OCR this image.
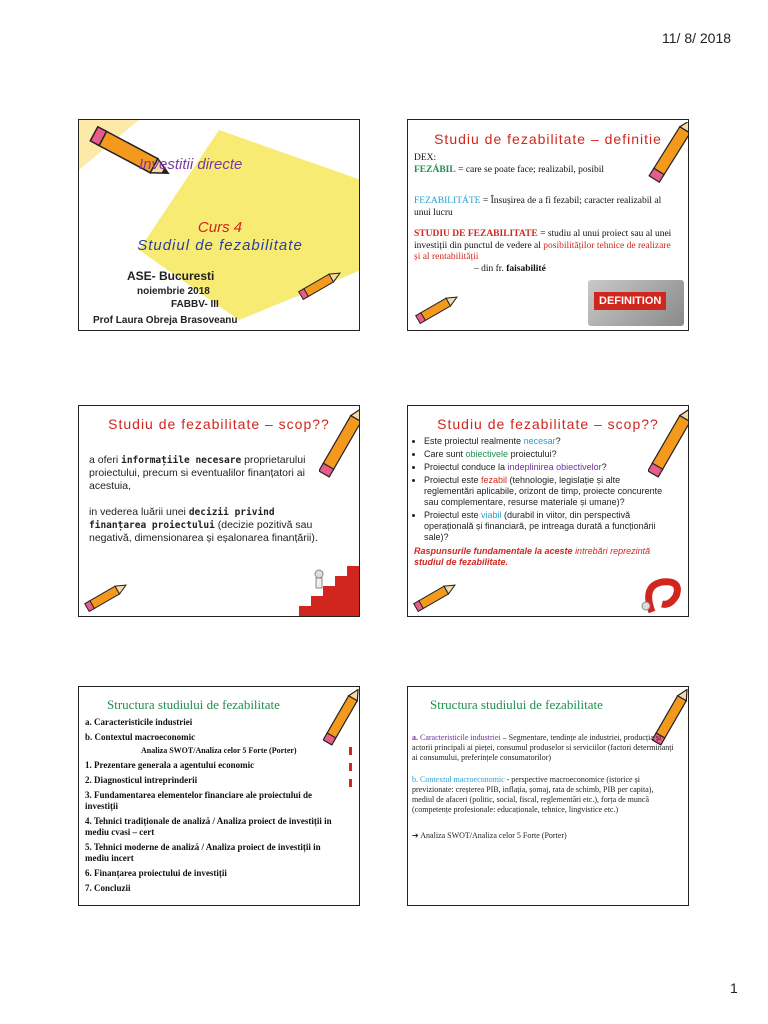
11/ 8/ 2018
Investitii directe
Curs 4
Studiul de fezabilitate
ASE- Bucuresti
noiembrie 2018
FABBV- III
Prof Laura Obreja Brasoveanu
Studiu de fezabilitate – definitie
DEX:
FEZÁBIL = care se poate face; realizabil, posibil
FEZABILITÁTE = Însușirea de a fi fezabil; caracter realizabil al unui lucru
STUDIU DE FEZABILITATE = studiu al unui proiect sau al unei investiții din punctul de vedere al posibilităților tehnice de realizare și al rentabilității
– din fr. faisabilité
DEFINITION
Studiu de fezabilitate – scop??
a oferi informațiile necesare proprietarului proiectului, precum si eventualilor finanțatori ai acestuia,
in vederea luării unei decizii privind finanțarea proiectului (decizie pozitivă sau negativă, dimensionarea și eșalonarea finanțării).
Studiu de fezabilitate – scop??
• Este proiectul realmente necesar?
• Care sunt obiectivele proiectului?
• Proiectul conduce la indeplinirea obiectivelor?
• Proiectul este fezabil (tehnologie, legislație și alte reglementări aplicabile, orizont de timp, proiecte concurente sau complementare, resurse materiale și umane)?
• Proiectul este viabil (durabil in viitor, din perspectivă operațională și financiară, pe intreaga durată a funcționării sale)?
Raspunsurile fundamentale la aceste intrebări reprezintă studiul de fezabilitate.
Structura studiului de fezabilitate
a. Caracteristicile industriei
b. Contextul macroeconomic
Analiza SWOT/Analiza celor 5 Forte (Porter)
1. Prezentare generala a agentului economic
2. Diagnosticul intreprinderii
3. Fundamentarea elementelor financiare ale proiectului de investiții
4. Tehnici tradiționale de analiză / Analiza proiect de investiții in mediu cvasi – cert
5. Tehnici moderne de analiză / Analiza proiect de investiții in mediu incert
6. Finanțarea proiectului de investiții
7. Concluzii
Structura studiului de fezabilitate
a. Caracteristicile industriei – Segmentare, tendințe ale industriei, producția și actorii principali ai pieței, consumul produselor si serviciilor (factori determinanți ai consumului, preferințele consumatorilor)
b. Contextul macroeconomic - perspective macroeconomice (istorice și previzionate: creșterea PIB, inflația, șomaj, rata de schimb, PIB per capita), mediul de afaceri (politic, social, fiscal, reglementări etc.), forța de muncă (competențe profesionale: educaționale, tehnice, lingvistice etc.)
➔ Analiza SWOT/Analiza celor 5 Forte (Porter)
1
